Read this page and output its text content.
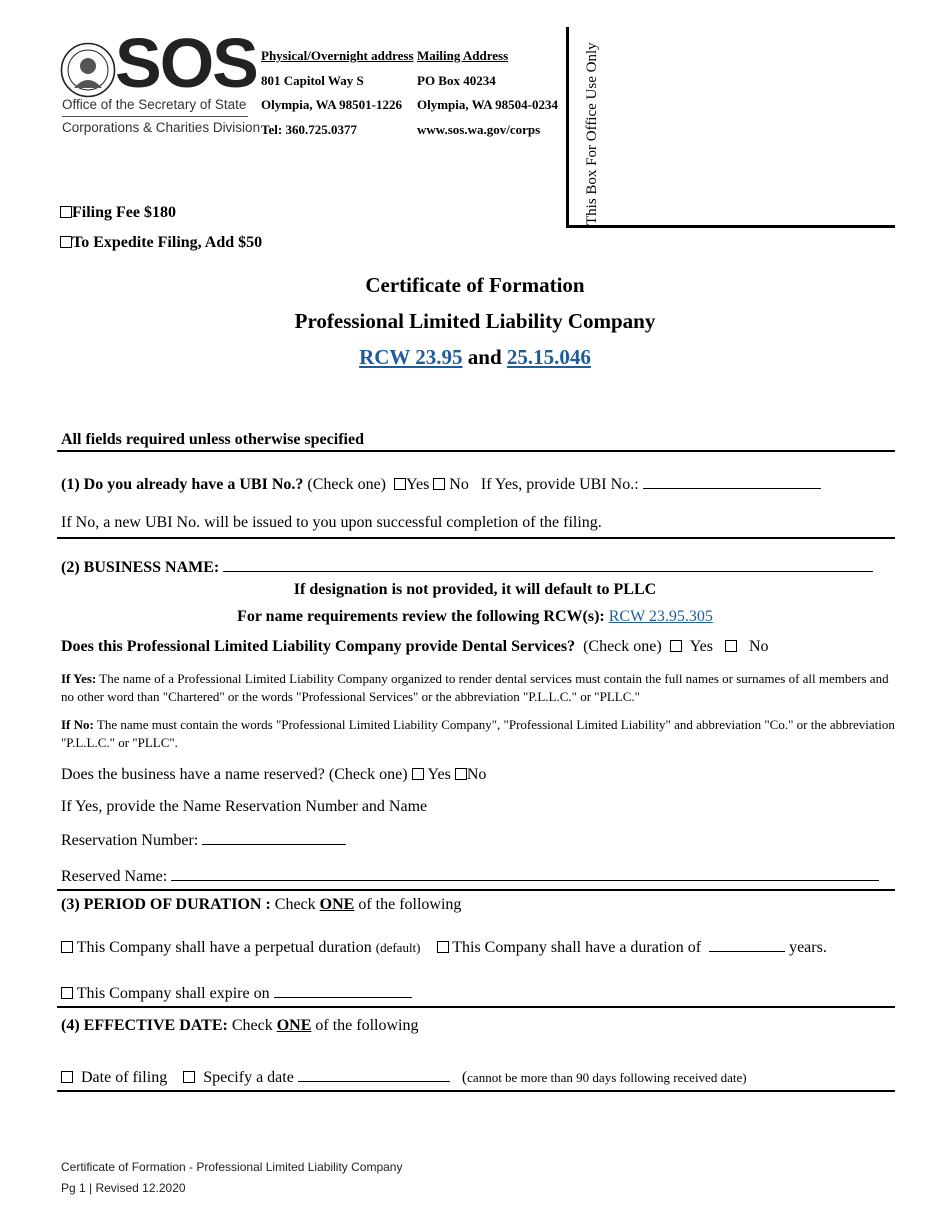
SOS
Office of the Secretary of State
Corporations & Charities Division
Physical/Overnight address
801 Capitol Way S
Olympia, WA 98501-1226
Tel: 360.725.0377
Mailing Address
PO Box 40234
Olympia, WA 98504-0234
www.sos.wa.gov/corps	This Box For Office Use Only
Filing Fee $180
To Expedite Filing, Add $50
Certificate of Formation
Professional Limited Liability Company
RCW 23.95 and 25.15.046
All fields required unless otherwise specified
(1) Do you already have a UBI No.? (Check one) Yes No If Yes, provide UBI No.:
If No, a new UBI No. will be issued to you upon successful completion of the filing.
(2) BUSINESS NAME:
If designation is not provided, it will default to PLLC
For name requirements review the following RCW(s): RCW 23.95.305
Does this Professional Limited Liability Company provide Dental Services? (Check one) Yes No
If Yes: The name of a Professional Limited Liability Company organized to render dental services must contain the full names or surnames of all members and no other word than "Chartered" or the words "Professional Services" or the abbreviation "P.L.L.C." or "PLLC."
If No: The name must contain the words "Professional Limited Liability Company", "Professional Limited Liability" and abbreviation "Co." or the abbreviation "P.L.L.C." or "PLLC".
Does the business have a name reserved? (Check one) Yes No
If Yes, provide the Name Reservation Number and Name
Reservation Number:
Reserved Name:
(3) PERIOD OF DURATION : Check ONE of the following
This Company shall have a perpetual duration (default) This Company shall have a duration of	years.
This Company shall expire on
(4) EFFECTIVE DATE: Check ONE of the following
Date of filing Specify a date	(cannot be more than 90 days following received date)
Certificate of Formation - Professional Limited Liability Company
Pg 1 | Revised 12.2020
